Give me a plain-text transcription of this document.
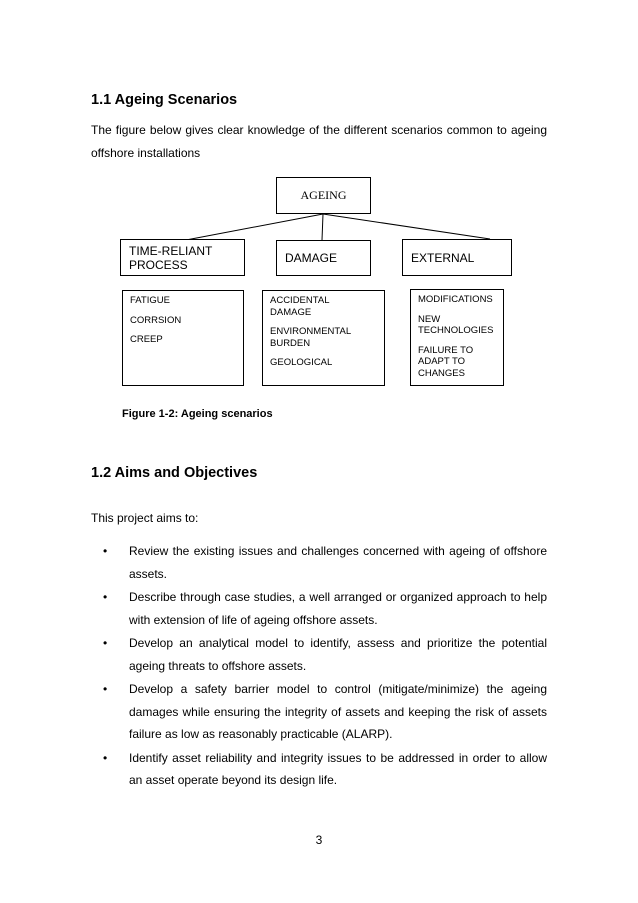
1.1 Ageing Scenarios

The figure below gives clear knowledge of the different scenarios common to ageing offshore installations

AGEING
TIME-RELIANT PROCESS	DAMAGE	EXTERNAL
FATIGUE
CORRSION
CREEP
ACCIDENTAL DAMAGE
ENVIRONMENTAL BURDEN
GEOLOGICAL
MODIFICATIONS
NEW TECHNOLOGIES
FAILURE TO ADAPT TO CHANGES
Figure 1-2: Ageing scenarios
1.2 Aims and Objectives

This project aims to:

• Review the existing issues and challenges concerned with ageing of offshore assets.
• Describe through case studies, a well arranged or organized approach to help with extension of life of ageing offshore assets.
• Develop an analytical model to identify, assess and prioritize the potential ageing threats to offshore assets.
• Develop a safety barrier model to control (mitigate/minimize) the ageing damages while ensuring the integrity of assets and keeping the risk of assets failure as low as reasonably practicable (ALARP).
• Identify asset reliability and integrity issues to be addressed in order to allow an asset operate beyond its design life.
3
